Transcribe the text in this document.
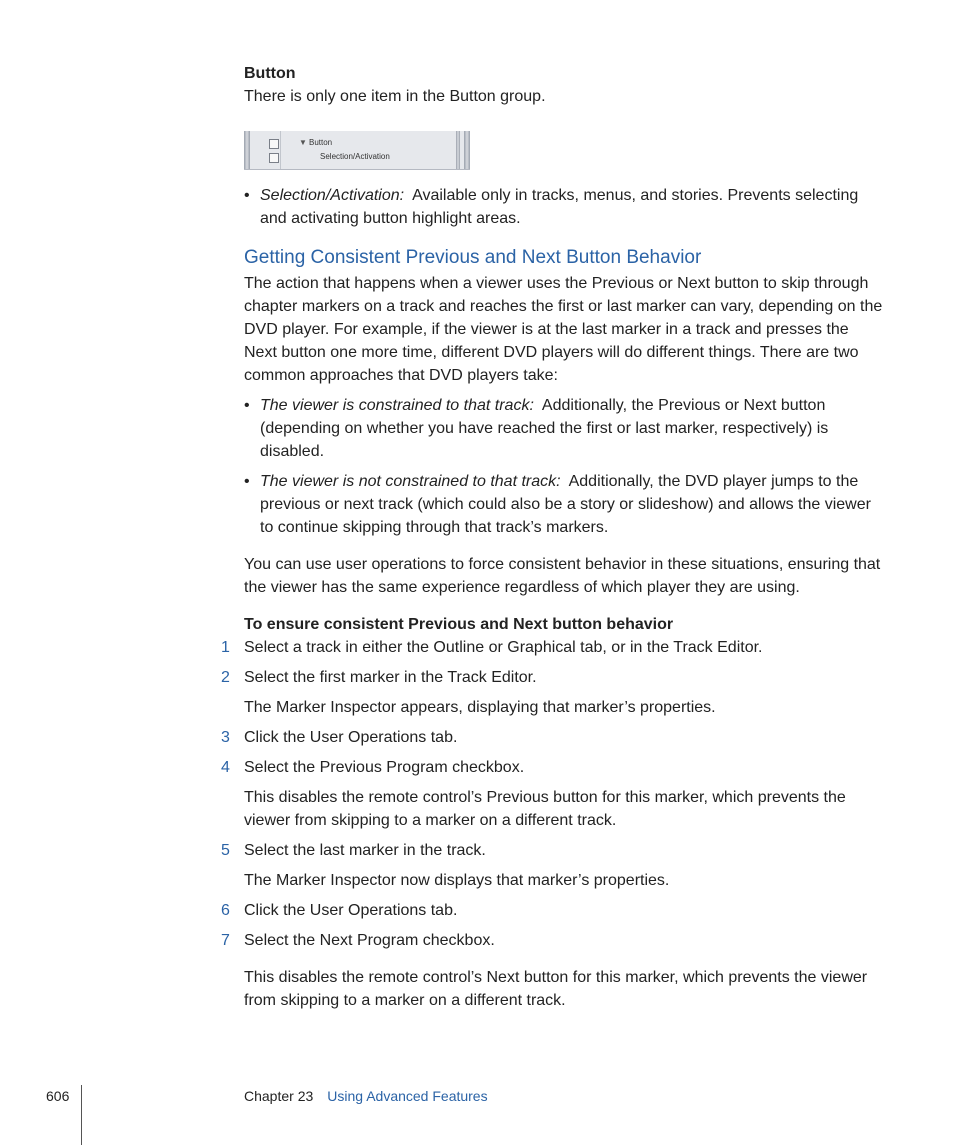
Button

There is only one item in the Button group.

▼ Button
Selection/Activation
• Selection/Activation: Available only in tracks, menus, and stories. Prevents selecting and activating button highlight areas.

Getting Consistent Previous and Next Button Behavior

The action that happens when a viewer uses the Previous or Next button to skip through chapter markers on a track and reaches the first or last marker can vary, depending on the DVD player. For example, if the viewer is at the last marker in a track and presses the Next button one more time, different DVD players will do different things. There are two common approaches that DVD players take:

• The viewer is constrained to that track: Additionally, the Previous or Next button (depending on whether you have reached the first or last marker, respectively) is disabled.

• The viewer is not constrained to that track: Additionally, the DVD player jumps to the previous or next track (which could also be a story or slideshow) and allows the viewer to continue skipping through that track’s markers.

You can use user operations to force consistent behavior in these situations, ensuring that the viewer has the same experience regardless of which player they are using.

To ensure consistent Previous and Next button behavior
1 Select a track in either the Outline or Graphical tab, or in the Track Editor.

2 Select the first marker in the Track Editor.

The Marker Inspector appears, displaying that marker’s properties.

3 Click the User Operations tab.

4 Select the Previous Program checkbox.

This disables the remote control’s Previous button for this marker, which prevents the viewer from skipping to a marker on a different track.

5 Select the last marker in the track.

The Marker Inspector now displays that marker’s properties.

6 Click the User Operations tab.

7 Select the Next Program checkbox.

This disables the remote control’s Next button for this marker, which prevents the viewer from skipping to a marker on a different track.

606	Chapter 23 Using Advanced Features
